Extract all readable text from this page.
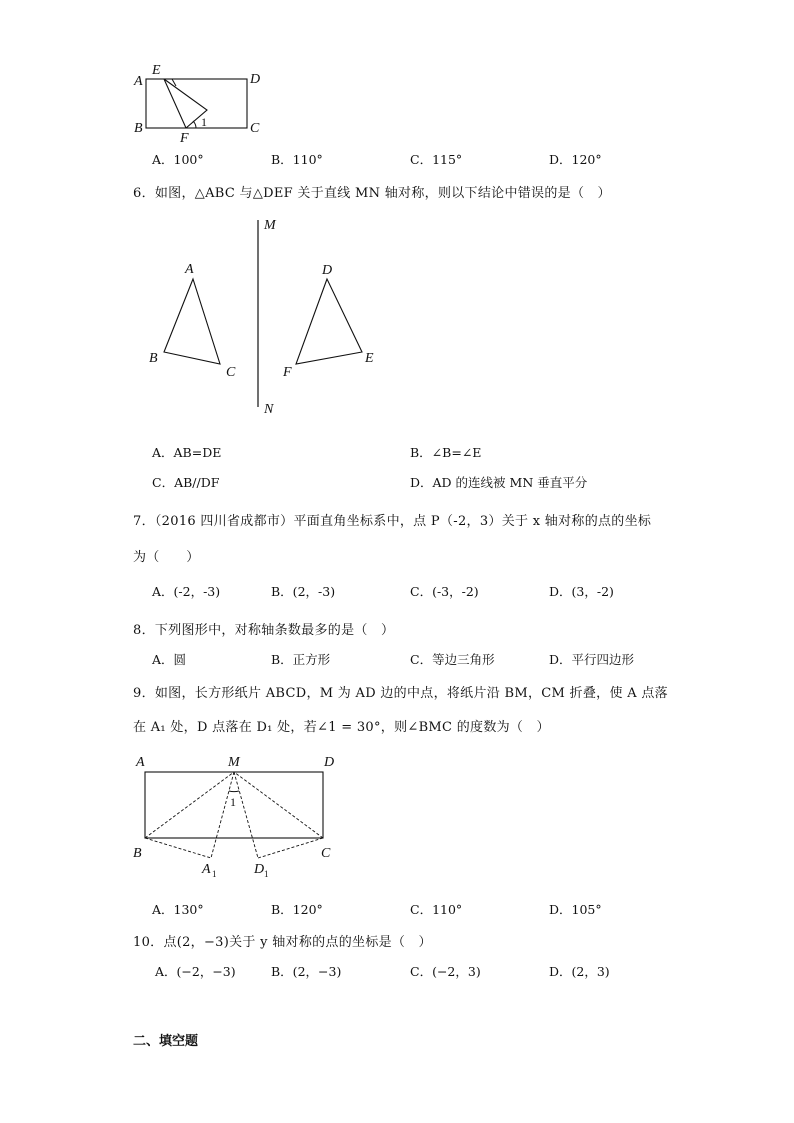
A
E
D
B
F
C
1
A．100°	B．110°	C．115°	D．120°
6．如图，△ABC 与△DEF 关于直线 MN 轴对称，则以下结论中错误的是（　）
M
N
A
B
C
D
E
F
A．AB=DE	B．∠B=∠E
C．AB//DF	D．AD 的连线被 MN 垂直平分
7．（2016 四川省成都市）平面直角坐标系中，点 P（-2，3）关于 x 轴对称的点的坐标
为（　　）
A．(-2，-3)	B．(2，-3)	C．(-3，-2)	D．(3，-2)
8．下列图形中，对称轴条数最多的是（　）
A．圆	B．正方形	C．等边三角形	D．平行四边形
9．如图，长方形纸片 ABCD，M 为 AD 边的中点，将纸片沿 BM，CM 折叠，使 A 点落
在 A₁ 处，D 点落在 D₁ 处，若∠1 = 30°，则∠BMC 的度数为（　）
A	M	D
B	C
1
A 1	D 1
A．130°	B．120°	C．110°	D．105°
10．点(2，−3)关于 y 轴对称的点的坐标是（　）
A．(−2，−3)	B．(2，−3)	C．(−2，3)	D．(2，3)
二、填空题
